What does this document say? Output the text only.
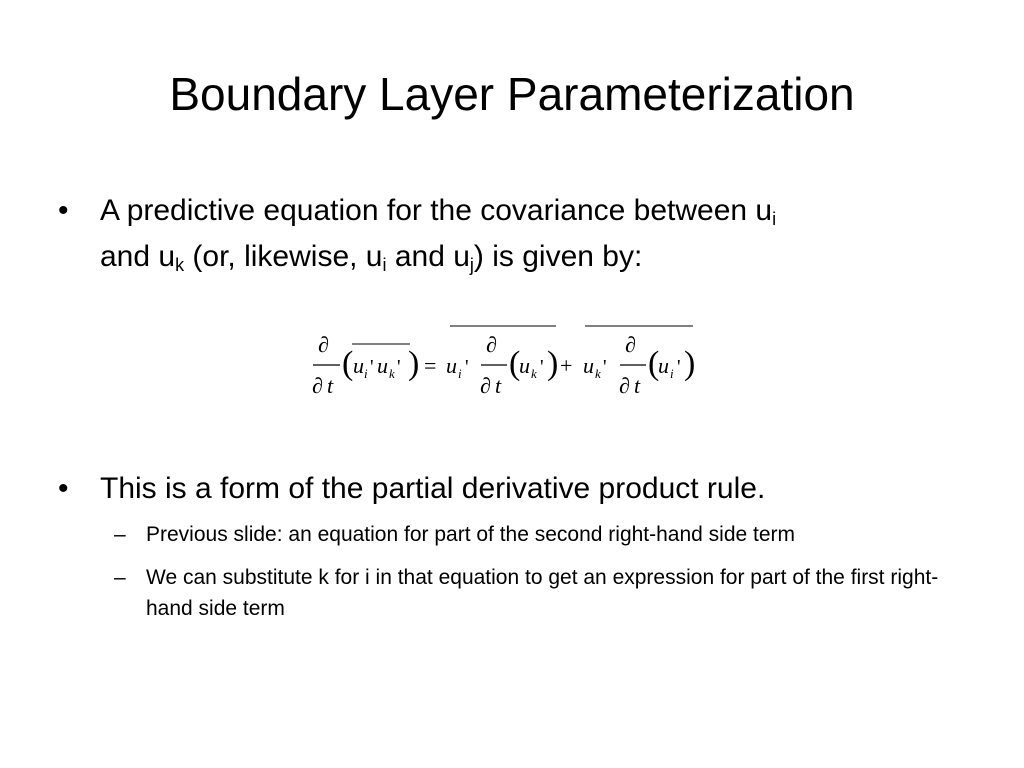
Boundary Layer Parameterization
•	A predictive equation for the covariance between $u_i$
and $u_k$ (or, likewise, $u_i$ and $u_j$) is given by:
∂
∂ t
( u i ' u k ' ) = u i '
∂
∂ t
(
u k ' ) + u k '
∂
∂ t
(
u i ' )
•	This is a form of the partial derivative product rule.
– Previous slide: an equation for part of the second right-hand side term
– We can substitute k for i in that equation to get an expression for part of the first right-hand side term
